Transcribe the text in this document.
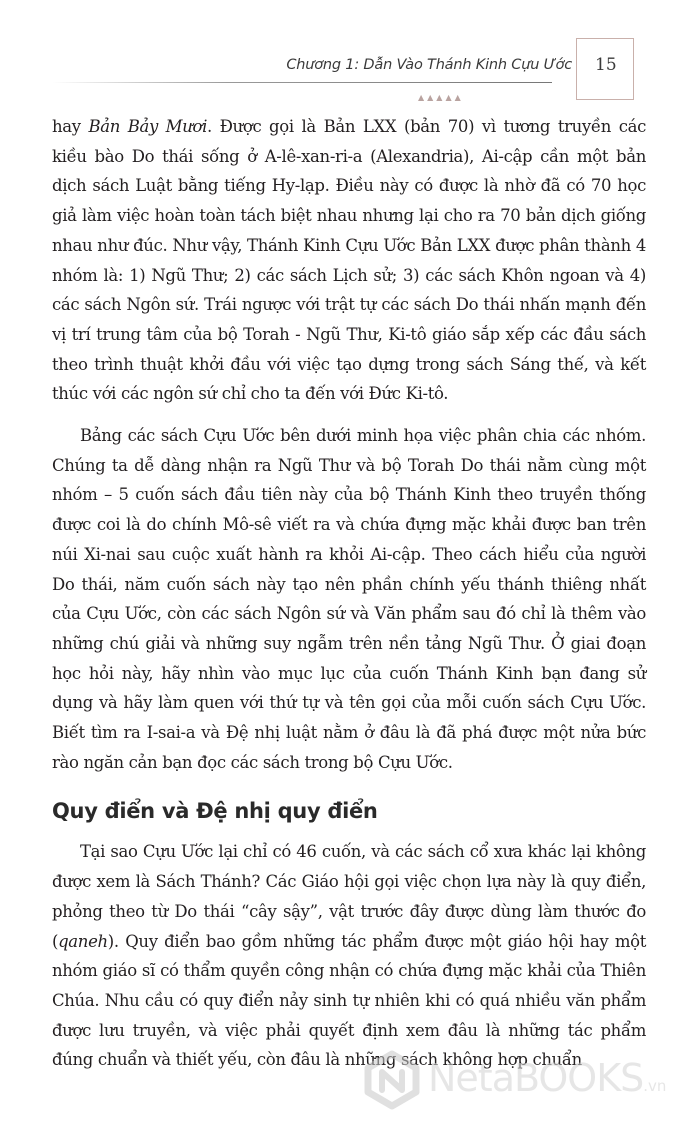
Chương 1: Dẫn Vào Thánh Kinh Cựu Ước
▲▲▲▲▲
15

hay Bản Bảy Mươi. Được gọi là Bản LXX (bản 70) vì tương truyền các kiều bào Do thái sống ở A-lê-xan-ri-a (Alexandria), Ai-cập cần một bản dịch sách Luật bằng tiếng Hy-lạp. Điều này có được là nhờ đã có 70 học giả làm việc hoàn toàn tách biệt nhau nhưng lại cho ra 70 bản dịch giống nhau như đúc. Như vậy, Thánh Kinh Cựu Ước Bản LXX được phân thành 4 nhóm là: 1) Ngũ Thư; 2) các sách Lịch sử; 3) các sách Khôn ngoan và 4) các sách Ngôn sứ. Trái ngược với trật tự các sách Do thái nhấn mạnh đến vị trí trung tâm của bộ Torah - Ngũ Thư, Ki-tô giáo sắp xếp các đầu sách theo trình thuật khởi đầu với việc tạo dựng trong sách Sáng thế, và kết thúc với các ngôn sứ chỉ cho ta đến với Đức Ki-tô.

Bảng các sách Cựu Ước bên dưới minh họa việc phân chia các nhóm. Chúng ta dễ dàng nhận ra Ngũ Thư và bộ Torah Do thái nằm cùng một nhóm – 5 cuốn sách đầu tiên này của bộ Thánh Kinh theo truyền thống được coi là do chính Mô-sê viết ra và chứa đựng mặc khải được ban trên núi Xi-nai sau cuộc xuất hành ra khỏi Ai-cập. Theo cách hiểu của người Do thái, năm cuốn sách này tạo nên phần chính yếu thánh thiêng nhất của Cựu Ước, còn các sách Ngôn sứ và Văn phẩm sau đó chỉ là thêm vào những chú giải và những suy ngẫm trên nền tảng Ngũ Thư. Ở giai đoạn học hỏi này, hãy nhìn vào mục lục của cuốn Thánh Kinh bạn đang sử dụng và hãy làm quen với thứ tự và tên gọi của mỗi cuốn sách Cựu Ước. Biết tìm ra I-sai-a và Đệ nhị luật nằm ở đâu là đã phá được một nửa bức rào ngăn cản bạn đọc các sách trong bộ Cựu Ước.

Quy điển và Đệ nhị quy điển

Tại sao Cựu Ước lại chỉ có 46 cuốn, và các sách cổ xưa khác lại không được xem là Sách Thánh? Các Giáo hội gọi việc chọn lựa này là quy điển, phỏng theo từ Do thái “cây sậy”, vật trước đây được dùng làm thước đo (qaneh). Quy điển bao gồm những tác phẩm được một giáo hội hay một nhóm giáo sĩ có thẩm quyền công nhận có chứa đựng mặc khải của Thiên Chúa. Nhu cầu có quy điển nảy sinh tự nhiên khi có quá nhiều văn phẩm được lưu truyền, và việc phải quyết định xem đâu là những tác phẩm đúng chuẩn và thiết yếu, còn đâu là những sách không hợp chuẩn

NetaBOOKS.vn
